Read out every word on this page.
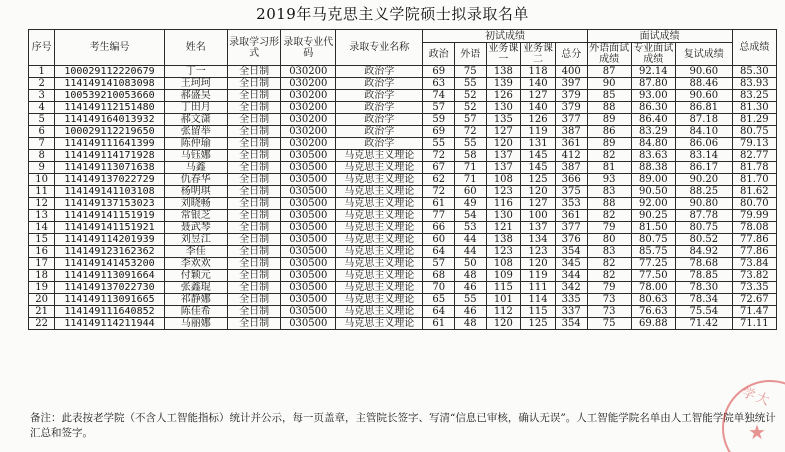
2019年马克思主义学院硕士拟录取名单
序号	考生编号	姓名	录取学习形式	录取专业代码	录取专业名称	初试成绩					面试成绩			总成绩
						政治	外语	业务课一	业务课二	总分	外语面试成绩	专业面试成绩	复试成绩	
1	100029112220679	丁一	全日制	030200	政治学	69	75	138	118	400	87	92.14	90.60	85.30
2	114149141083098	王珂珂	全日制	030200	政治学	63	55	139	140	397	90	87.80	88.46	83.93
3	100539210053660	郝盛昊	全日制	030200	政治学	74	52	126	127	379	85	93.00	90.60	83.25
4	114149112151480	丁田月	全日制	030200	政治学	57	52	130	140	379	88	86.30	86.81	81.30
5	114149164013932	郝文潇	全日制	030200	政治学	59	57	135	126	377	89	86.40	87.18	81.29
6	100029112219650	张留举	全日制	030200	政治学	69	72	127	119	387	86	83.29	84.10	80.75
7	114149111641399	陈仲瑜	全日制	030200	政治学	55	55	120	131	361	89	84.80	86.06	79.13
8	114149114171928	马钰娜	全日制	030500	马克思主义理论	72	58	137	145	412	82	83.63	83.14	82.77
9	114149113071638	马鑫	全日制	030500	马克思主义理论	67	71	137	145	387	81	88.38	86.17	81.78
10	114149137022729	仇春华	全日制	030500	马克思主义理论	62	71	108	125	366	93	89.00	90.20	81.70
11	114149141103108	杨明琪	全日制	030500	马克思主义理论	72	60	123	120	375	83	90.50	88.25	81.62
12	114149137153023	刘晓畅	全日制	030500	马克思主义理论	61	49	116	127	353	88	92.00	90.80	80.70
13	114149141151919	常银芝	全日制	030500	马克思主义理论	77	54	130	100	361	82	90.25	87.78	79.99
14	114149141151921	聂武琴	全日制	030500	马克思主义理论	66	53	121	137	377	79	81.50	80.75	78.08
15	114149114201939	刘昱江	全日制	030500	马克思主义理论	60	44	138	134	376	80	80.75	80.52	77.86
16	114149123162362	李佳	全日制	030500	马克思主义理论	64	44	123	123	354	83	85.75	84.92	77.86
17	114149141453200	李欢欢	全日制	030500	马克思主义理论	57	50	108	120	345	82	77.25	78.68	73.84
18	114149113091664	付颖元	全日制	030500	马克思主义理论	68	48	109	119	344	82	77.50	78.85	73.82
19	114149137022730	张鑫琨	全日制	030500	马克思主义理论	70	46	115	111	342	79	78.00	78.30	73.35
20	114149113091665	祁静娜	全日制	030500	马克思主义理论	65	55	101	114	335	73	80.63	78.34	72.67
21	114149111640852	陈佳希	全日制	030500	马克思主义理论	64	46	112	115	337	73	76.63	75.54	71.47
22	114149114211944	马丽娜	全日制	030500	马克思主义理论	61	48	120	125	354	75	69.88	71.42	71.11
备注：此表按老学院（不含人工智能指标）统计并公示，每一页盖章，主管院长签字、写清“信息已审核，确认无误”。人工智能学院名单由人工智能学院单独统计汇总和签字。
学大
★
